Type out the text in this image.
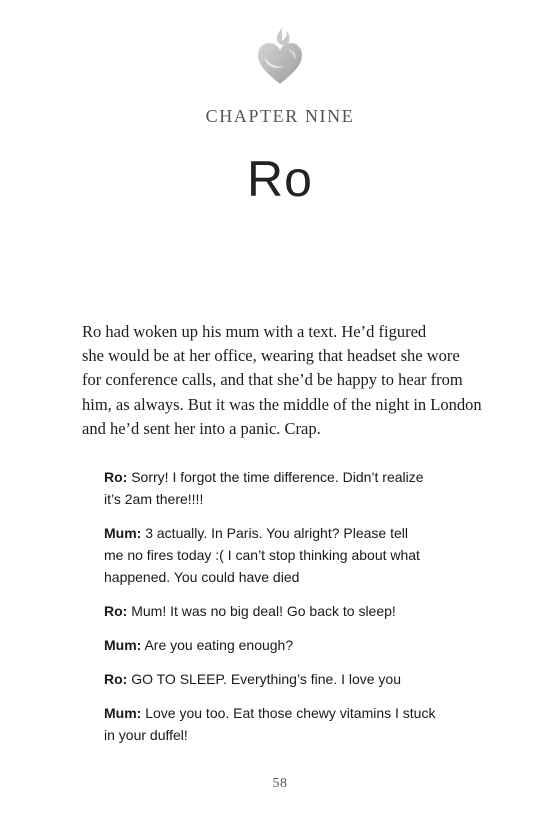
CHAPTER NINE
Ro
Ro had woken up his mum with a text. He’d figured
she would be at her office, wearing that headset she wore
for conference calls, and that she’d be happy to hear from
him, as always. But it was the middle of the night in London
and he’d sent her into a panic. Crap.
Ro: Sorry! I forgot the time difference. Didn’t realize
it’s 2am there!!!!
Mum: 3 actually. In Paris. You alright? Please tell
me no fires today :( I can’t stop thinking about what
happened. You could have died
Ro: Mum! It was no big deal! Go back to sleep!
Mum: Are you eating enough?
Ro: GO TO SLEEP. Everything’s fine. I love you
Mum: Love you too. Eat those chewy vitamins I stuck
in your duffel!
58
